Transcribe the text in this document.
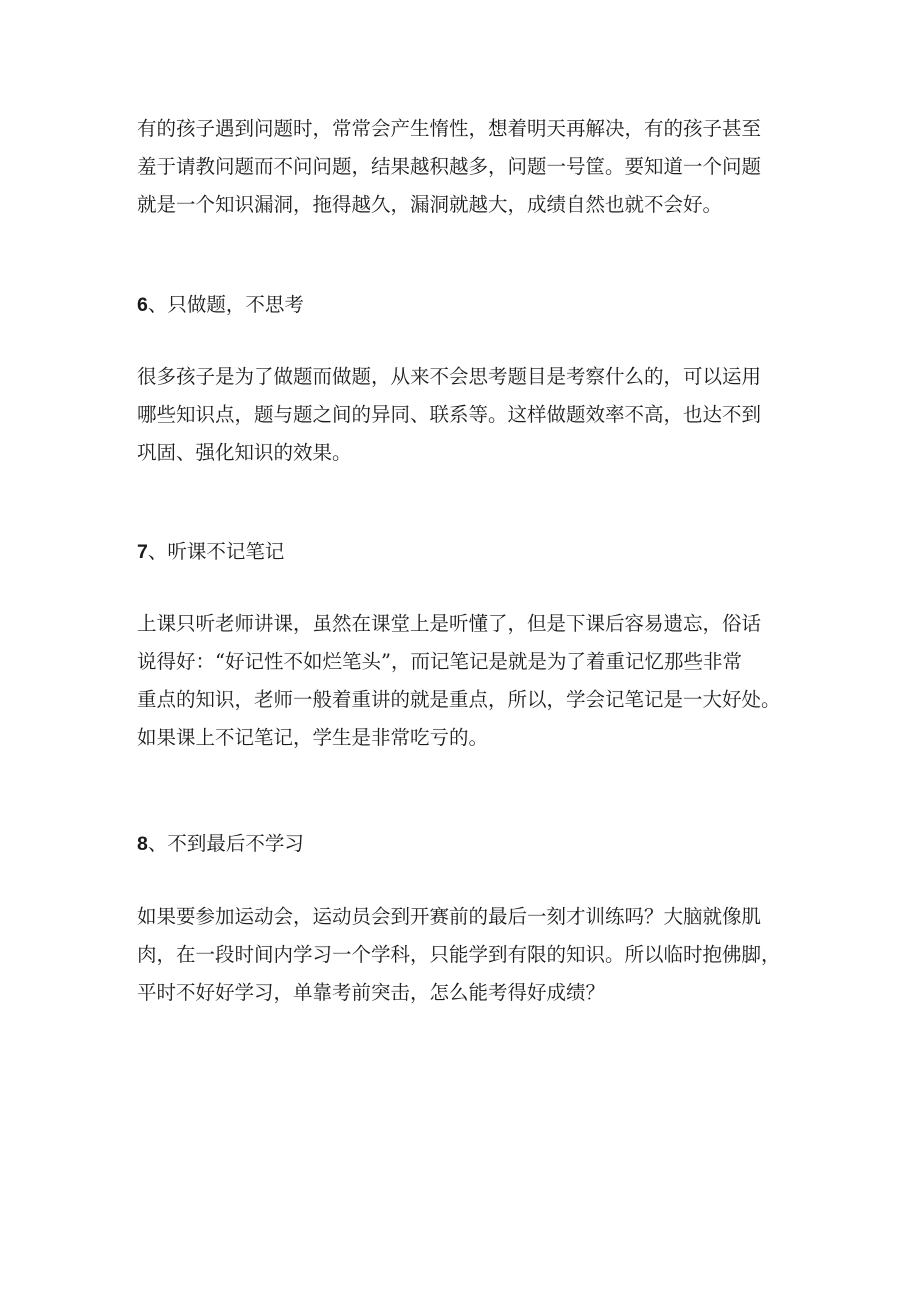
有的孩子遇到问题时，常常会产生惰性，想着明天再解决，有的孩子甚至
羞于请教问题而不问问题，结果越积越多，问题一号筐。要知道一个问题
就是一个知识漏洞，拖得越久，漏洞就越大，成绩自然也就不会好。
6、只做题，不思考
很多孩子是为了做题而做题，从来不会思考题目是考察什么的，可以运用
哪些知识点，题与题之间的异同、联系等。这样做题效率不高，也达不到
巩固、强化知识的效果。
7、听课不记笔记
上课只听老师讲课，虽然在课堂上是听懂了，但是下课后容易遗忘，俗话
说得好：“好记性不如烂笔头”，而记笔记是就是为了着重记忆那些非常
重点的知识，老师一般着重讲的就是重点，所以，学会记笔记是一大好处。
如果课上不记笔记，学生是非常吃亏的。
8、不到最后不学习
如果要参加运动会，运动员会到开赛前的最后一刻才训练吗？大脑就像肌
肉，在一段时间内学习一个学科，只能学到有限的知识。所以临时抱佛脚，
平时不好好学习，单靠考前突击，怎么能考得好成绩？
